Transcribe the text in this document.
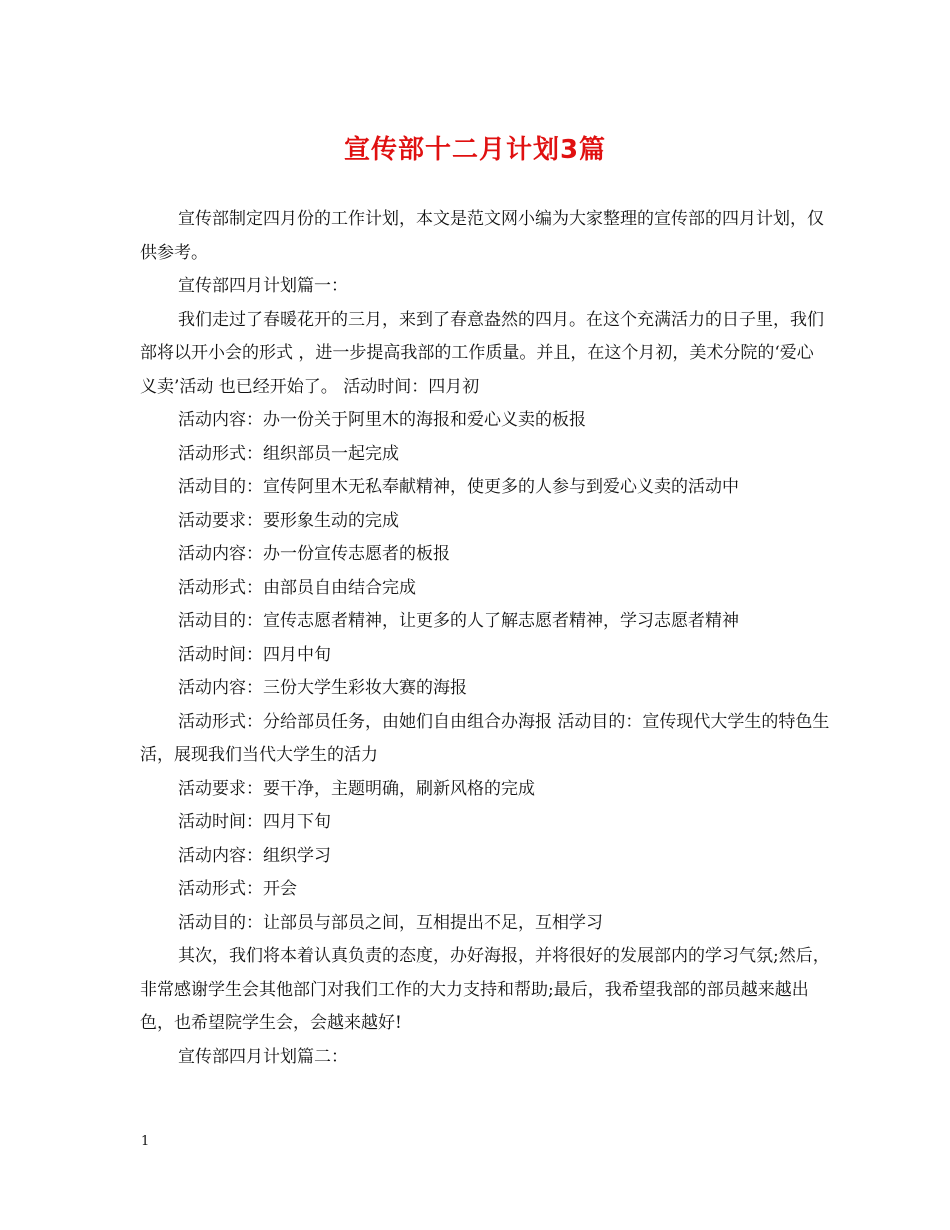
宣传部十二月计划3篇

宣传部制定四月份的工作计划，本文是范文网小编为大家整理的宣传部的四月计划，仅供参考。

宣传部四月计划篇一：

我们走过了春暖花开的三月，来到了春意盎然的四月。在这个充满活力的日子里，我们部将以开小会的形式 ，进一步提高我部的工作质量。并且，在这个月初，美术分院的‘爱心义卖’活动 也已经开始了。 活动时间：四月初

活动内容：办一份关于阿里木的海报和爱心义卖的板报

活动形式：组织部员一起完成

活动目的：宣传阿里木无私奉献精神，使更多的人参与到爱心义卖的活动中

活动要求：要形象生动的完成

活动内容：办一份宣传志愿者的板报

活动形式：由部员自由结合完成

活动目的：宣传志愿者精神，让更多的人了解志愿者精神，学习志愿者精神

活动时间：四月中旬

活动内容：三份大学生彩妆大赛的海报

活动形式：分给部员任务，由她们自由组合办海报 活动目的：宣传现代大学生的特色生活，展现我们当代大学生的活力

活动要求：要干净，主题明确，刷新风格的完成

活动时间：四月下旬

活动内容：组织学习

活动形式：开会

活动目的：让部员与部员之间，互相提出不足，互相学习

其次，我们将本着认真负责的态度，办好海报，并将很好的发展部内的学习气氛;然后，非常感谢学生会其他部门对我们工作的大力支持和帮助;最后，我希望我部的部员越来越出色，也希望院学生会，会越来越好!

宣传部四月计划篇二：

1
